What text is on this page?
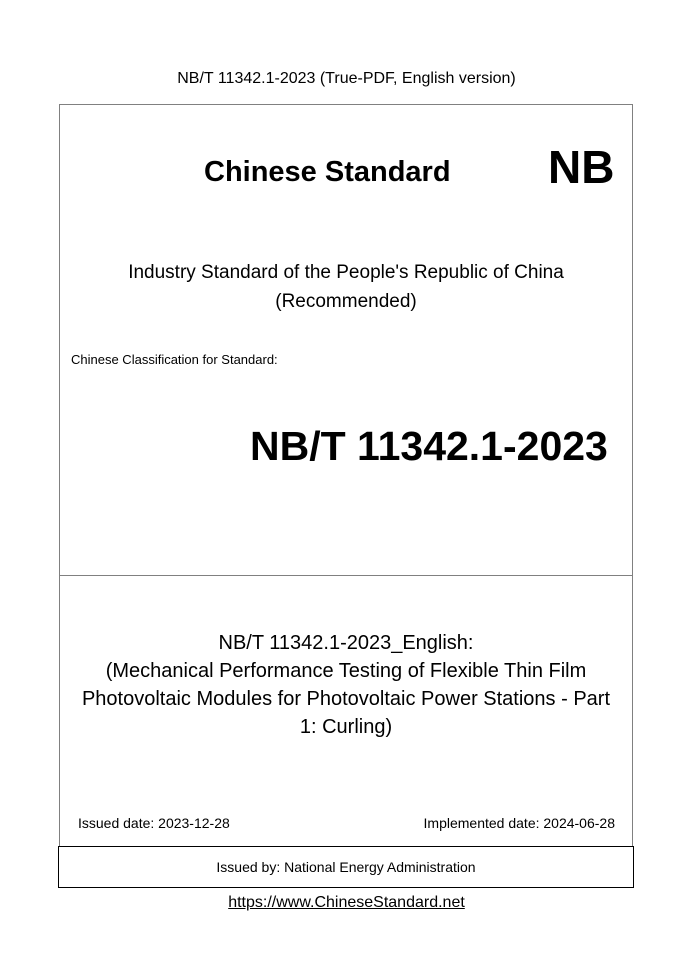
NB/T 11342.1-2023 (True-PDF, English version)
Chinese Standard NB
Industry Standard of the People's Republic of China
(Recommended)
Chinese Classification for Standard:
NB/T 11342.1-2023
NB/T 11342.1-2023_English:
(Mechanical Performance Testing of Flexible Thin Film
Photovoltaic Modules for Photovoltaic Power Stations - Part
1: Curling)
Issued date: 2023-12-28	Implemented date: 2024-06-28
Issued by: National Energy Administration
https://www.ChineseStandard.net
